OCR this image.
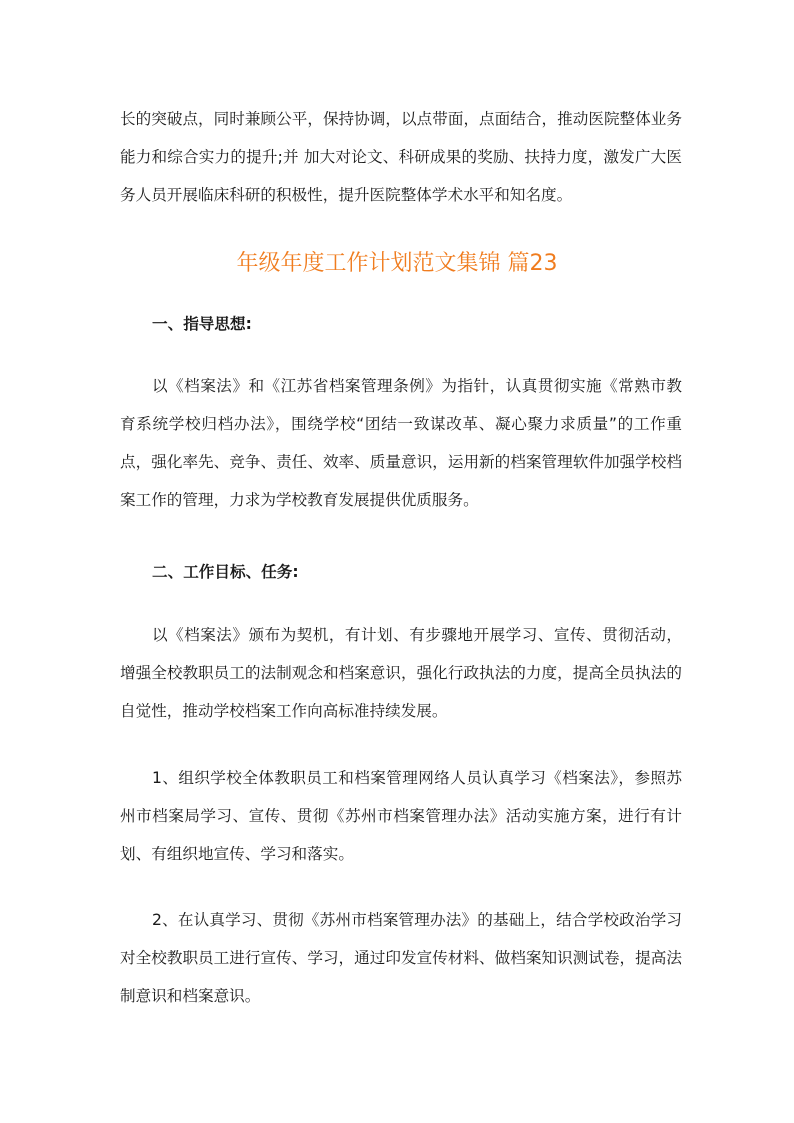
长的突破点，同时兼顾公平，保持协调，以点带面，点面结合，推动医院整体业务能力和综合实力的提升;并 加大对论文、科研成果的奖励、扶持力度，激发广大医务人员开展临床科研的积极性，提升医院整体学术水平和知名度。

年级年度工作计划范文集锦 篇23
一、指导思想:

以《档案法》和《江苏省档案管理条例》为指针，认真贯彻实施《常熟市教育系统学校归档办法》，围绕学校“团结一致谋改革、凝心聚力求质量”的工作重点，强化率先、竞争、责任、效率、质量意识，运用新的档案管理软件加强学校档案工作的管理，力求为学校教育发展提供优质服务。

二、工作目标、任务:

以《档案法》颁布为契机，有计划、有步骤地开展学习、宣传、贯彻活动，增强全校教职员工的法制观念和档案意识，强化行政执法的力度，提高全员执法的自觉性，推动学校档案工作向高标准持续发展。

1、组织学校全体教职员工和档案管理网络人员认真学习《档案法》，参照苏州市档案局学习、宣传、贯彻《苏州市档案管理办法》活动实施方案，进行有计划、有组织地宣传、学习和落实。

2、在认真学习、贯彻《苏州市档案管理办法》的基础上，结合学校政治学习对全校教职员工进行宣传、学习，通过印发宣传材料、做档案知识测试卷，提高法制意识和档案意识。
